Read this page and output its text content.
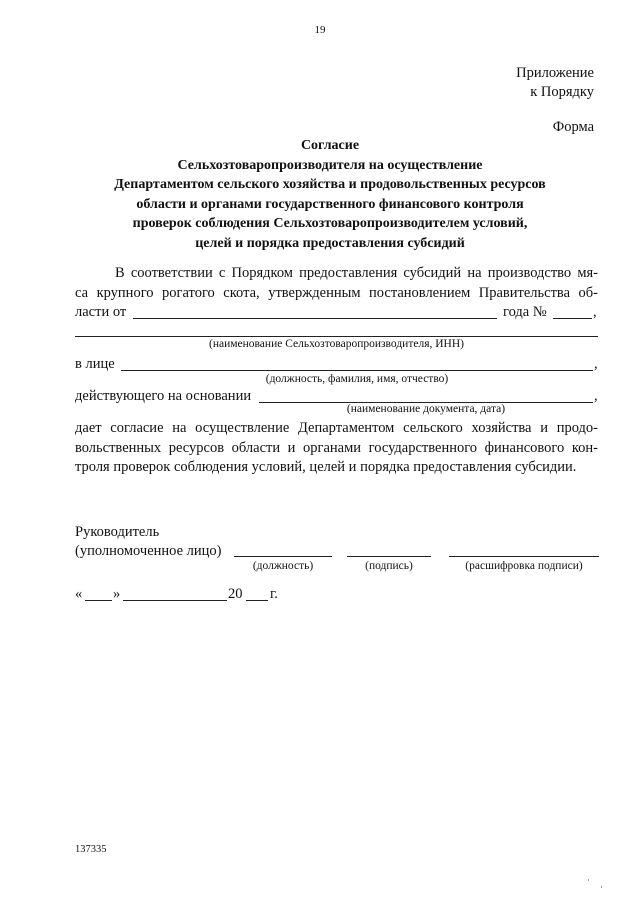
19
Приложение
к Порядку
Форма
Согласие
Сельхозтоваропроизводителя на осуществление
Департаментом сельского хозяйства и продовольственных ресурсов
области и органами государственного финансового контроля
проверок соблюдения Сельхозтоваропроизводителем условий,
целей и порядка предоставления субсидий
В соответствии с Порядком предоставления субсидий на производство мя-
са крупного рогатого скота, утвержденным постановлением Правительства об-
ласти от	года №	,
(наименование Сельхозтоваропроизводителя, ИНН)
в лице	,
(должность, фамилия, имя, отчество)
действующего на основании	,
(наименование документа, дата)
дает согласие на осуществление Департаментом сельского хозяйства и продо-
вольственных ресурсов области и органами государственного финансового кон-
троля проверок соблюдения условий, целей и порядка предоставления субсидии.
Руководитель
(уполномоченное лицо)
(должность)	(подпись)	(расшифровка подписи)
« »	20 г.
137335
